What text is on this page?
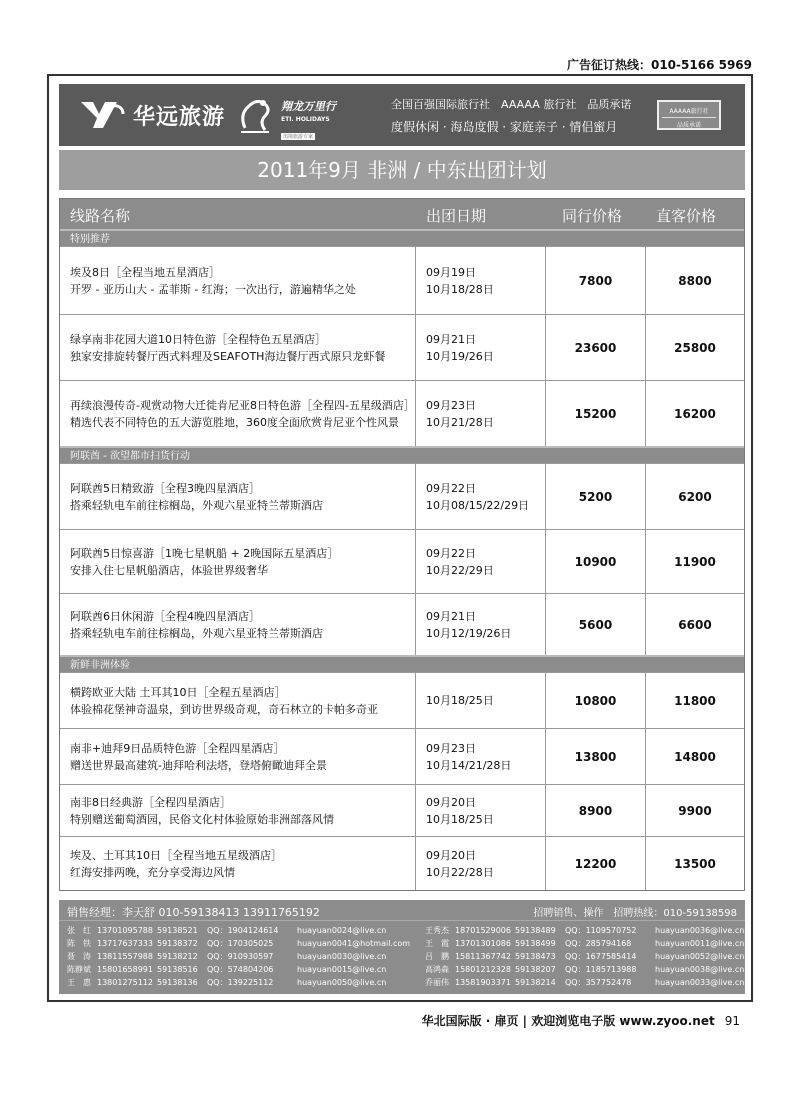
广告征订热线：010-5166 5969
华远旅游	翔龙万里行
ETI. HOLIDAYS
出境旅游专家
全国百强国际旅行社　AAAAA 旅行社　品质承诺
度假休闲 · 海岛度假 · 家庭亲子 · 情侣蜜月
AAAAA旅行社
品质承诺
2011年9月 非洲 / 中东出团计划
线路名称	出团日期	同行价格 直客价格
特别推荐
埃及8日［全程当地五星酒店］
开罗 - 亚历山大 - 孟菲斯 - 红海；一次出行，游遍精华之处
09月19日
10月18/28日
7800	8800
绿享南非花园大道10日特色游［全程特色五星酒店］
独家安排旋转餐厅西式料理及SEAFOTH海边餐厅西式原只龙虾餐
09月21日
10月19/26日
23600	25800
再续浪漫传奇-观赏动物大迁徙肯尼亚8日特色游［全程四-五星级酒店］
精选代表不同特色的五大游览胜地，360度全面欣赏肯尼亚个性风景
09月23日
10月21/28日
15200	16200
阿联酋 - 欲望都市扫货行动
阿联酋5日精致游［全程3晚四星酒店］
搭乘轻轨电车前往棕榈岛，外观六星亚特兰蒂斯酒店
09月22日
10月08/15/22/29日
5200	6200
阿联酋5日惊喜游［1晚七星帆船 + 2晚国际五星酒店］
安排入住七星帆船酒店，体验世界级奢华
09月22日
10月22/29日
10900	11900
阿联酋6日休闲游［全程4晚四星酒店］
搭乘轻轨电车前往棕榈岛，外观六星亚特兰蒂斯酒店
09月21日
10月12/19/26日
5600	6600
新鲜非洲体验
横跨欧亚大陆 土耳其10日［全程五星酒店］
体验棉花堡神奇温泉，到访世界级奇观，奇石林立的卡帕多奇亚
10月18/25日	10800	11800
南非+迪拜9日品质特色游［全程四星酒店］
赠送世界最高建筑-迪拜哈利法塔，登塔俯瞰迪拜全景
09月23日
10月14/21/28日
13800	14800
南非8日经典游［全程四星酒店］
特别赠送葡萄酒园，民俗文化村体验原始非洲部落风情
09月20日
10月18/25日
8900	9900
埃及、土耳其10日［全程当地五星级酒店］
红海安排两晚，充分享受海边风情
09月20日
10月22/28日
12200	13500
销售经理：李天舒 010-59138413 13911765192	招聘销售、操作　招聘热线：010-59138598
张　红 13701095788 59138521 QQ：1904124614 huayuan0024@live.cn
陈　铁 13717637333 59138372 QQ：170305025	huayuan0041@hotmail.com
聂　涛 13811557988 59138212 QQ：910930597	huayuan0030@live.cn
陈静斌 15801658991 59138516 QQ：574804206	huayuan0015@live.cn
王　惠 13801275112 59138136 QQ：139225112	huayuan0050@live.cn
王秀杰 18701529006 59138489 QQ：1109570752 huayuan0036@live.cn
王　霞 13701301086 59138499 QQ：285794168	huayuan0011@live.cn
吕　鹏 15811367742 59138473 QQ：1677585414 huayuan0052@live.cn
高鸿森 15801212328 59138207 QQ：1185713988 huayuan0038@live.cn
乔丽伟 13581903371 59138214 QQ：357752478	huayuan0033@live.cn
华北国际版 · 扉页 | 欢迎浏览电子版 www.zyoo.net 91
